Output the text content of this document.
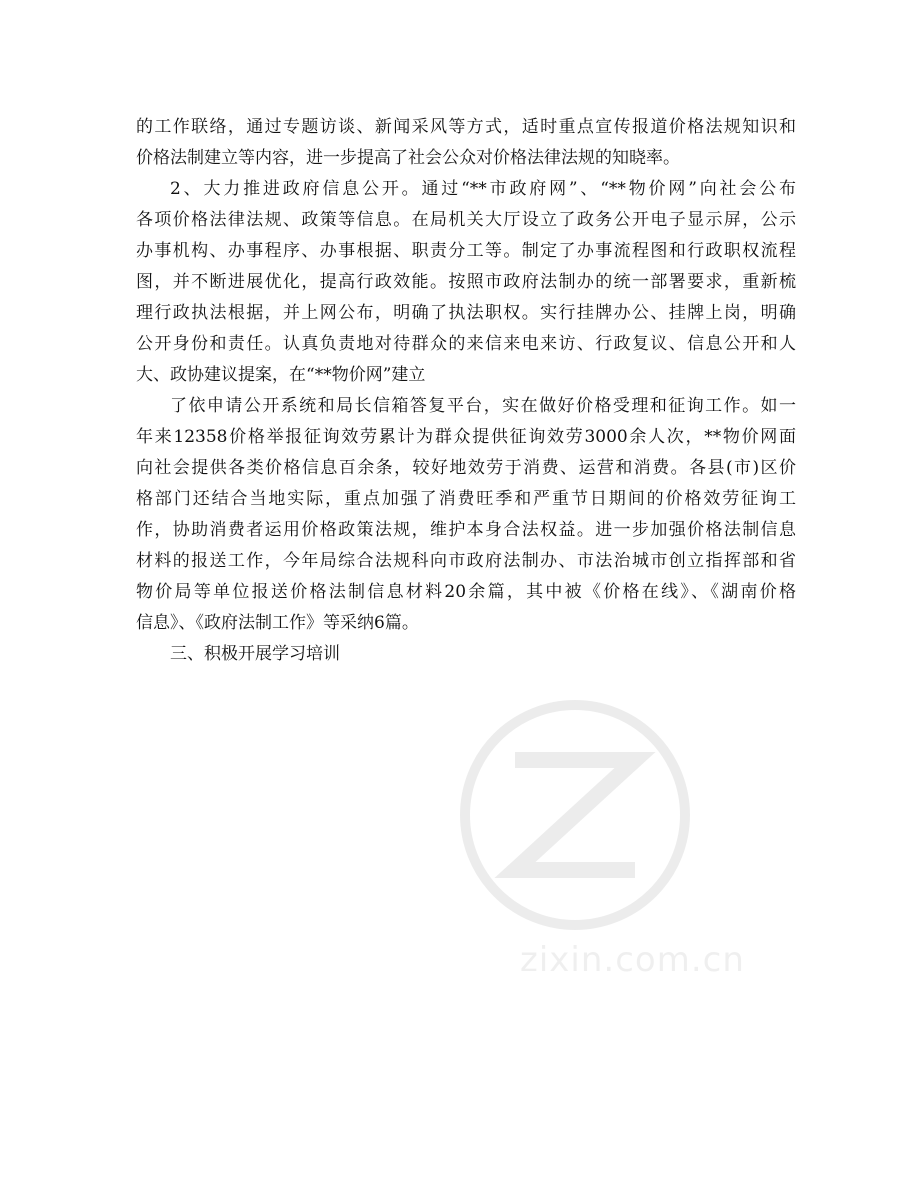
zixin.com.cn
的工作联络，通过专题访谈、新闻采风等方式，适时重点宣传报道价格法规知识和
价格法制建立等内容，进一步提高了社会公众对价格法律法规的知晓率。
2、大力推进政府信息公开。通过“**市政府网”、“**物价网”向社会公布
各项价格法律法规、政策等信息。在局机关大厅设立了政务公开电子显示屏，公示
办事机构、办事程序、办事根据、职责分工等。制定了办事流程图和行政职权流程
图，并不断进展优化，提高行政效能。按照市政府法制办的统一部署要求，重新梳
理行政执法根据，并上网公布，明确了执法职权。实行挂牌办公、挂牌上岗，明确
公开身份和责任。认真负责地对待群众的来信来电来访、行政复议、信息公开和人
大、政协建议提案，在“**物价网”建立
了依申请公开系统和局长信箱答复平台，实在做好价格受理和征询工作。如一
年来12358价格举报征询效劳累计为群众提供征询效劳3000余人次，**物价网面
向社会提供各类价格信息百余条，较好地效劳于消费、运营和消费。各县(市)区价
格部门还结合当地实际，重点加强了消费旺季和严重节日期间的价格效劳征询工
作，协助消费者运用价格政策法规，维护本身合法权益。进一步加强价格法制信息
材料的报送工作，今年局综合法规科向市政府法制办、市法治城市创立指挥部和省
物价局等单位报送价格法制信息材料20余篇，其中被《价格在线》、《湖南价格
信息》、《政府法制工作》等采纳6篇。
三、积极开展学习培训
